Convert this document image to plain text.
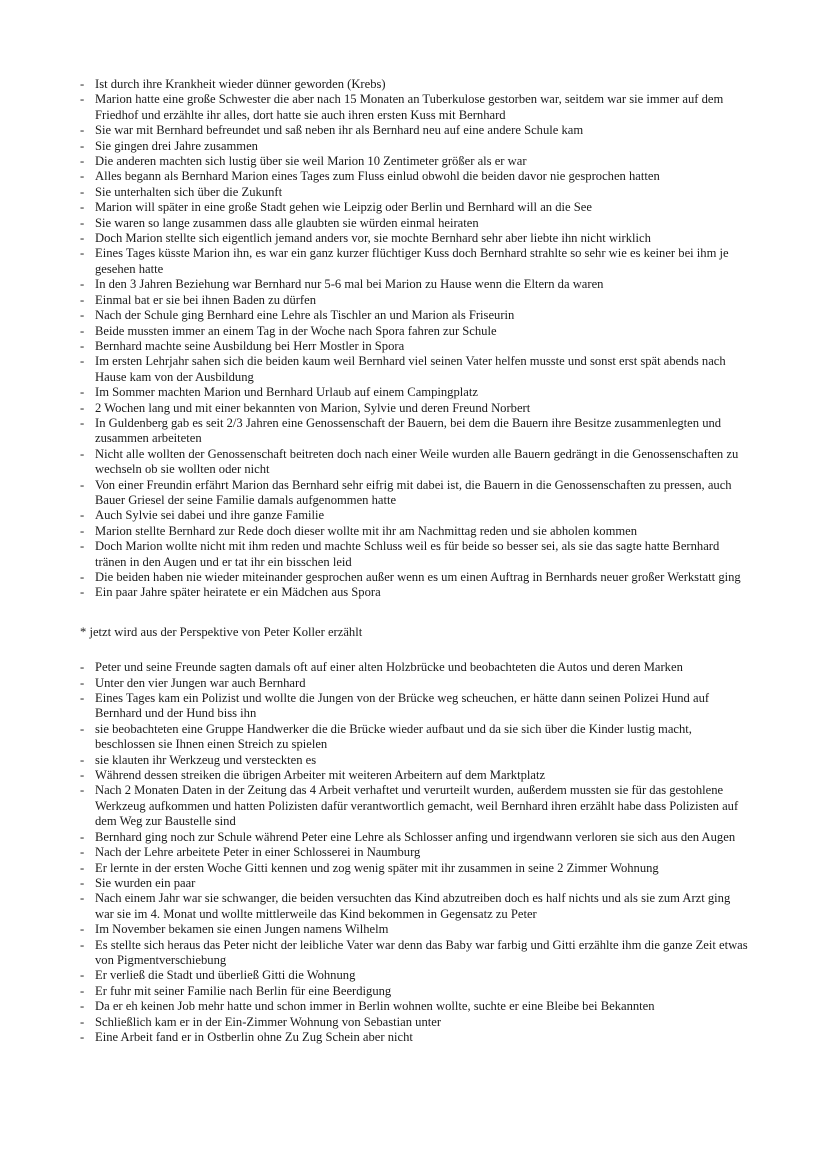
- Ist durch ihre Krankheit wieder dünner geworden (Krebs)
- Marion hatte eine große Schwester die aber nach 15 Monaten an Tuberkulose gestorben war, seitdem war sie immer auf dem Friedhof und erzählte ihr alles, dort hatte sie auch ihren ersten Kuss mit Bernhard
- Sie war mit Bernhard befreundet und saß neben ihr als Bernhard neu auf eine andere Schule kam
- Sie gingen drei Jahre zusammen
- Die anderen machten sich lustig über sie weil Marion 10 Zentimeter größer als er war
- Alles begann als Bernhard Marion eines Tages zum Fluss einlud obwohl die beiden davor nie gesprochen hatten
- Sie unterhalten sich über die Zukunft
- Marion will später in eine große Stadt gehen wie Leipzig oder Berlin und Bernhard will an die See
- Sie waren so lange zusammen dass alle glaubten sie würden einmal heiraten
- Doch Marion stellte sich eigentlich jemand anders vor, sie mochte Bernhard sehr aber liebte ihn nicht wirklich
- Eines Tages küsste Marion ihn, es war ein ganz kurzer flüchtiger Kuss doch Bernhard strahlte so sehr wie es keiner bei ihm je gesehen hatte
- In den 3 Jahren Beziehung war Bernhard nur 5-6 mal bei Marion zu Hause wenn die Eltern da waren
- Einmal bat er sie bei ihnen Baden zu dürfen
- Nach der Schule ging Bernhard eine Lehre als Tischler an und Marion als Friseurin
- Beide mussten immer an einem Tag in der Woche nach Spora fahren zur Schule
- Bernhard machte seine Ausbildung bei Herr Mostler in Spora
- Im ersten Lehrjahr sahen sich die beiden kaum weil Bernhard viel seinen Vater helfen musste und sonst erst spät abends nach Hause kam von der Ausbildung
- Im Sommer machten Marion und Bernhard Urlaub auf einem Campingplatz
- 2 Wochen lang und mit einer bekannten von Marion, Sylvie und deren Freund Norbert
- In Guldenberg gab es seit 2/3 Jahren eine Genossenschaft der Bauern, bei dem die Bauern ihre Besitze zusammenlegten und zusammen arbeiteten
- Nicht alle wollten der Genossenschaft beitreten doch nach einer Weile wurden alle Bauern gedrängt in die Genossenschaften zu wechseln ob sie wollten oder nicht
- Von einer Freundin erfährt Marion das Bernhard sehr eifrig mit dabei ist, die Bauern in die Genossenschaften zu pressen, auch Bauer Griesel der seine Familie damals aufgenommen hatte
- Auch Sylvie sei dabei und ihre ganze Familie
- Marion stellte Bernhard zur Rede doch dieser wollte mit ihr am Nachmittag reden und sie abholen kommen
- Doch Marion wollte nicht mit ihm reden und machte Schluss weil es für beide so besser sei, als sie das sagte hatte Bernhard tränen in den Augen und er tat ihr ein bisschen leid
- Die beiden haben nie wieder miteinander gesprochen außer wenn es um einen Auftrag in Bernhards neuer großer Werkstatt ging
- Ein paar Jahre später heiratete er ein Mädchen aus Spora
* jetzt wird aus der Perspektive von Peter Koller erzählt
- Peter und seine Freunde sagten damals oft auf einer alten Holzbrücke und beobachteten die Autos und deren Marken
- Unter den vier Jungen war auch Bernhard
- Eines Tages kam ein Polizist und wollte die Jungen von der Brücke weg scheuchen, er hätte dann seinen Polizei Hund auf Bernhard und der Hund biss ihn
- sie beobachteten eine Gruppe Handwerker die die Brücke wieder aufbaut und da sie sich über die Kinder lustig macht, beschlossen sie Ihnen einen Streich zu spielen
- sie klauten ihr Werkzeug und versteckten es
- Während dessen streiken die übrigen Arbeiter mit weiteren Arbeitern auf dem Marktplatz
- Nach 2 Monaten Daten in der Zeitung das 4 Arbeit verhaftet und verurteilt wurden, außerdem mussten sie für das gestohlene Werkzeug aufkommen und hatten Polizisten dafür verantwortlich gemacht, weil Bernhard ihren erzählt habe dass Polizisten auf dem Weg zur Baustelle sind
- Bernhard ging noch zur Schule während Peter eine Lehre als Schlosser anfing und irgendwann verloren sie sich aus den Augen
- Nach der Lehre arbeitete Peter in einer Schlosserei in Naumburg
- Er lernte in der ersten Woche Gitti kennen und zog wenig später mit ihr zusammen in seine 2 Zimmer Wohnung
- Sie wurden ein paar
- Nach einem Jahr war sie schwanger, die beiden versuchten das Kind abzutreiben doch es half nichts und als sie zum Arzt ging war sie im 4. Monat und wollte mittlerweile das Kind bekommen in Gegensatz zu Peter
- Im November bekamen sie einen Jungen namens Wilhelm
- Es stellte sich heraus das Peter nicht der leibliche Vater war denn das Baby war farbig und Gitti erzählte ihm die ganze Zeit etwas von Pigmentverschiebung
- Er verließ die Stadt und überließ Gitti die Wohnung
- Er fuhr mit seiner Familie nach Berlin für eine Beerdigung
- Da er eh keinen Job mehr hatte und schon immer in Berlin wohnen wollte, suchte er eine Bleibe bei Bekannten
- Schließlich kam er in der Ein-Zimmer Wohnung von Sebastian unter
- Eine Arbeit fand er in Ostberlin ohne Zu Zug Schein aber nicht
